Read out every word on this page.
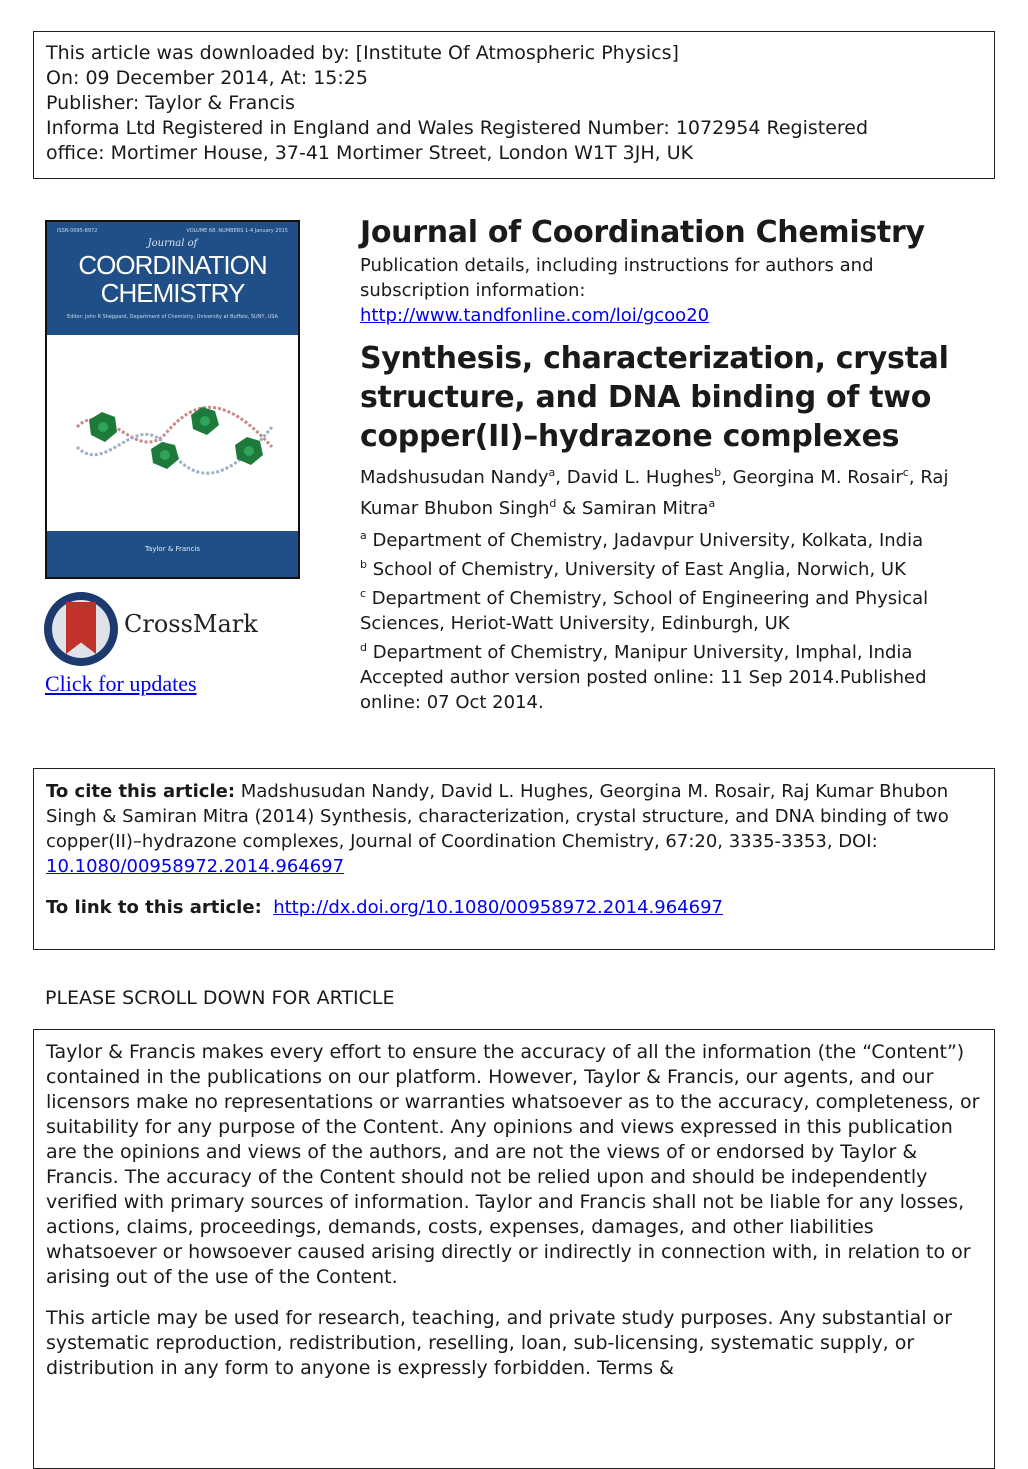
This article was downloaded by: [Institute Of Atmospheric Physics]
On: 09 December 2014, At: 15:25
Publisher: Taylor & Francis
Informa Ltd Registered in England and Wales Registered Number: 1072954 Registered
office: Mortimer House, 37-41 Mortimer Street, London W1T 3JH, UK
ISSN 0095-8972	VOLUME 68, NUMBERS 1-4 January 2015
Journal of
COORDINATION
CHEMISTRY
Editor: John R Sheppard, Department of Chemistry, University at Buffalo, SUNY, USA
Taylor & Francis
CrossMark
Click for updates
Journal of Coordination Chemistry
Publication details, including instructions for authors and
subscription information:
http://www.tandfonline.com/loi/gcoo20
Synthesis, characterization, crystal structure, and DNA binding of two copper(II)–hydrazone complexes
Madshusudan Nandy$^a$, David L. Hughes$^b$, Georgina M. Rosair$^c$, Raj Kumar Bhubon Singh$^d$ & Samiran Mitra$^a$
$^a$ Department of Chemistry, Jadavpur University, Kolkata, India
$^b$ School of Chemistry, University of East Anglia, Norwich, UK
$^c$ Department of Chemistry, School of Engineering and Physical Sciences, Heriot-Watt University, Edinburgh, UK
$^d$ Department of Chemistry, Manipur University, Imphal, India
Accepted author version posted online: 11 Sep 2014.Published online: 07 Oct 2014.
To cite this article: Madshusudan Nandy, David L. Hughes, Georgina M. Rosair, Raj Kumar Bhubon Singh & Samiran Mitra (2014) Synthesis, characterization, crystal structure, and DNA binding of two copper(II)–hydrazone complexes, Journal of Coordination Chemistry, 67:20, 3335-3353, DOI: 10.1080/00958972.2014.964697
To link to this article: http://dx.doi.org/10.1080/00958972.2014.964697
PLEASE SCROLL DOWN FOR ARTICLE

Taylor & Francis makes every effort to ensure the accuracy of all the information (the “Content”) contained in the publications on our platform. However, Taylor & Francis, our agents, and our licensors make no representations or warranties whatsoever as to the accuracy, completeness, or suitability for any purpose of the Content. Any opinions and views expressed in this publication are the opinions and views of the authors, and are not the views of or endorsed by Taylor & Francis. The accuracy of the Content should not be relied upon and should be independently verified with primary sources of information. Taylor and Francis shall not be liable for any losses, actions, claims, proceedings, demands, costs, expenses, damages, and other liabilities whatsoever or howsoever caused arising directly or indirectly in connection with, in relation to or arising out of the use of the Content.

This article may be used for research, teaching, and private study purposes. Any substantial or systematic reproduction, redistribution, reselling, loan, sub-licensing, systematic supply, or distribution in any form to anyone is expressly forbidden. Terms &
